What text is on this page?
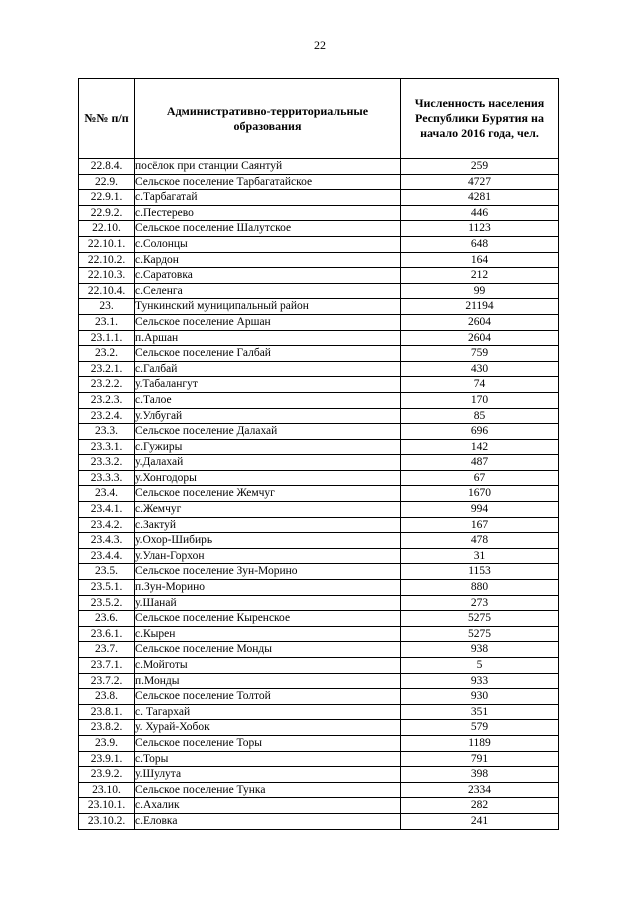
22
№№ п/п	Административно-территориальные образования	Численность населения Республики Бурятия на начало 2016 года, чел.
22.8.4.	посёлок при станции Саянтуй	259
22.9.	Сельское поселение Тарбагатайское	4727
22.9.1.	с.Тарбагатай	4281
22.9.2.	с.Пестерево	446
22.10.	Сельское поселение Шалутское	1123
22.10.1.	с.Солонцы	648
22.10.2.	с.Кардон	164
22.10.3.	с.Саратовка	212
22.10.4.	с.Селенга	99
23.	Тункинский муниципальный район	21194
23.1.	Сельское поселение Аршан	2604
23.1.1.	п.Аршан	2604
23.2.	Сельское поселение Галбай	759
23.2.1.	с.Галбай	430
23.2.2.	у.Табалангут	74
23.2.3.	с.Талое	170
23.2.4.	у.Улбугай	85
23.3.	Сельское поселение Далахай	696
23.3.1.	с.Гужиры	142
23.3.2.	у.Далахай	487
23.3.3.	у.Хонгодоры	67
23.4.	Сельское поселение Жемчуг	1670
23.4.1.	с.Жемчуг	994
23.4.2.	с.Зактуй	167
23.4.3.	у.Охор-Шибирь	478
23.4.4.	у.Улан-Горхон	31
23.5.	Сельское поселение Зун-Морино	1153
23.5.1.	п.Зун-Морино	880
23.5.2.	у.Шанай	273
23.6.	Сельское поселение Кыренское	5275
23.6.1.	с.Кырен	5275
23.7.	Сельское поселение Монды	938
23.7.1.	с.Мойготы	5
23.7.2.	п.Монды	933
23.8.	Сельское поселение Толтой	930
23.8.1.	с. Тагархай	351
23.8.2.	у. Хурай-Хобок	579
23.9.	Сельское поселение Торы	1189
23.9.1.	с.Торы	791
23.9.2.	у.Шулута	398
23.10.	Сельское поселение Тунка	2334
23.10.1.	с.Ахалик	282
23.10.2.	с.Еловка	241
